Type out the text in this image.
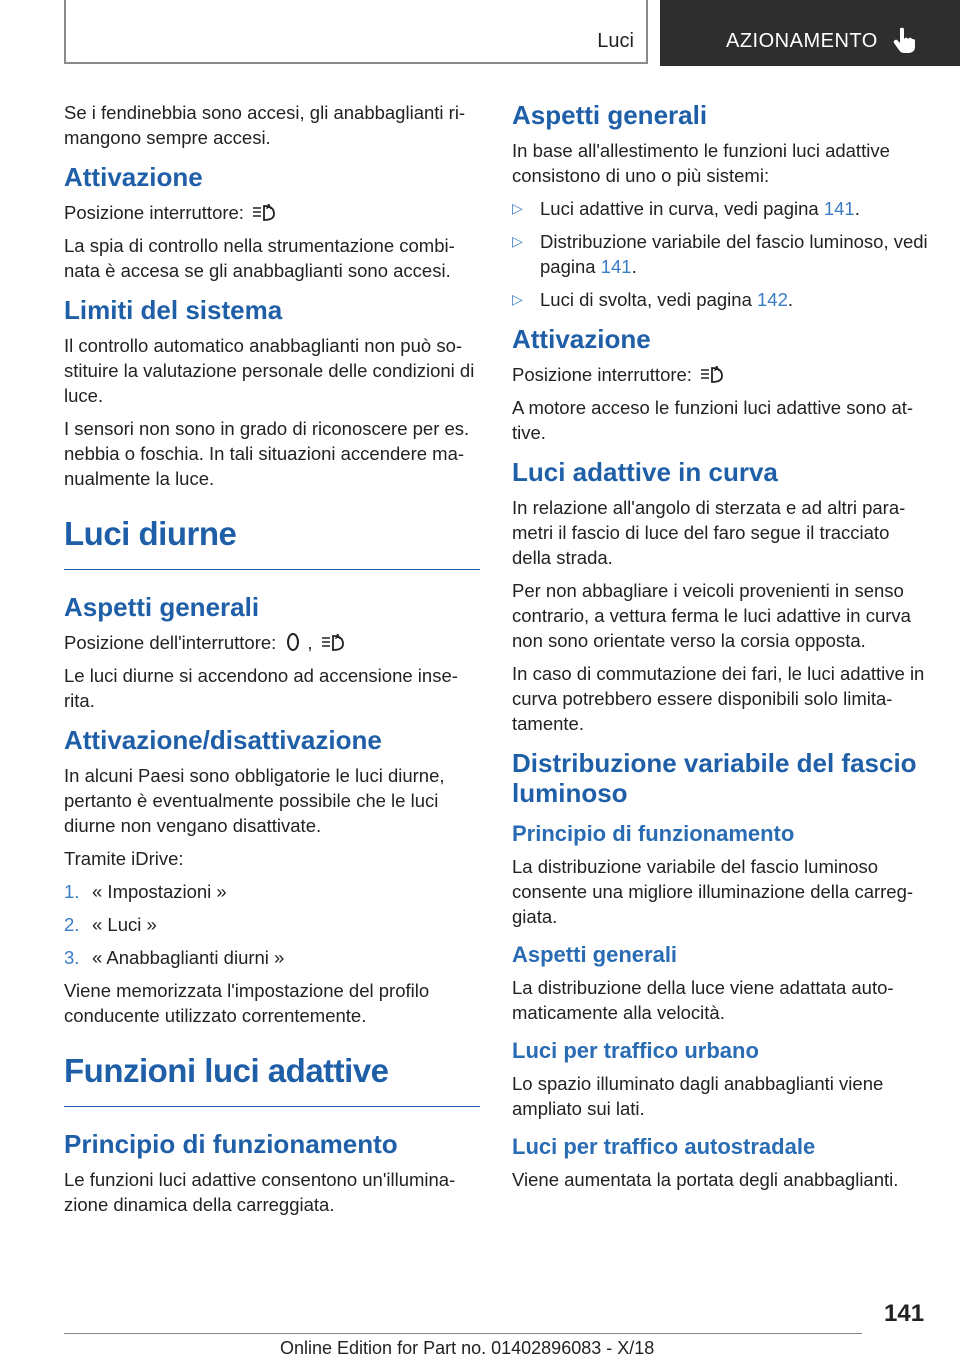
Luci	AZIONAMENTO

Se i fendinebbia sono accesi, gli anabbaglianti ri-mangono sempre accesi.

Attivazione

Posizione interruttore:	A

La spia di controllo nella strumentazione combi-nata è accesa se gli anabbaglianti sono accesi.

Limiti del sistema

Il controllo automatico anabbaglianti non può so-stituire la valutazione personale delle condizioni di luce.

I sensori non sono in grado di riconoscere per es. nebbia o foschia. In tali situazioni accendere ma-nualmente la luce.

Luci diurne
Aspetti generali

Posizione dell'interruttore: ,	A

Le luci diurne si accendono ad accensione inse-rita.

Attivazione/disattivazione

In alcuni Paesi sono obbligatorie le luci diurne, pertanto è eventualmente possibile che le luci diurne non vengano disattivate.

Tramite iDrive:

1. « Impostazioni »
2. « Luci »
3. « Anabbaglianti diurni »

Viene memorizzata l'impostazione del profilo conducente utilizzato correntemente.

Funzioni luci adattive
Principio di funzionamento

Le funzioni luci adattive consentono un'illumina-zione dinamica della carreggiata.

Aspetti generali

In base all'allestimento le funzioni luci adattive consistono di uno o più sistemi:

▷ Luci adattive in curva, vedi pagina 141.
▷ Distribuzione variabile del fascio luminoso, vedi pagina 141.
▷ Luci di svolta, vedi pagina 142.
Attivazione

Posizione interruttore:	A

A motore acceso le funzioni luci adattive sono at-tive.

Luci adattive in curva

In relazione all'angolo di sterzata e ad altri para-metri il fascio di luce del faro segue il tracciato della strada.

Per non abbagliare i veicoli provenienti in senso contrario, a vettura ferma le luci adattive in curva non sono orientate verso la corsia opposta.

In caso di commutazione dei fari, le luci adattive in curva potrebbero essere disponibili solo limita-tamente.

Distribuzione variabile del fascio luminoso
Principio di funzionamento

La distribuzione variabile del fascio luminoso consente una migliore illuminazione della carreg-giata.

Aspetti generali

La distribuzione della luce viene adattata auto-maticamente alla velocità.

Luci per traffico urbano

Lo spazio illuminato dagli anabbaglianti viene ampliato sui lati.

Luci per traffico autostradale

Viene aumentata la portata degli anabbaglianti.

141
Online Edition for Part no. 01402896083 - X/18
